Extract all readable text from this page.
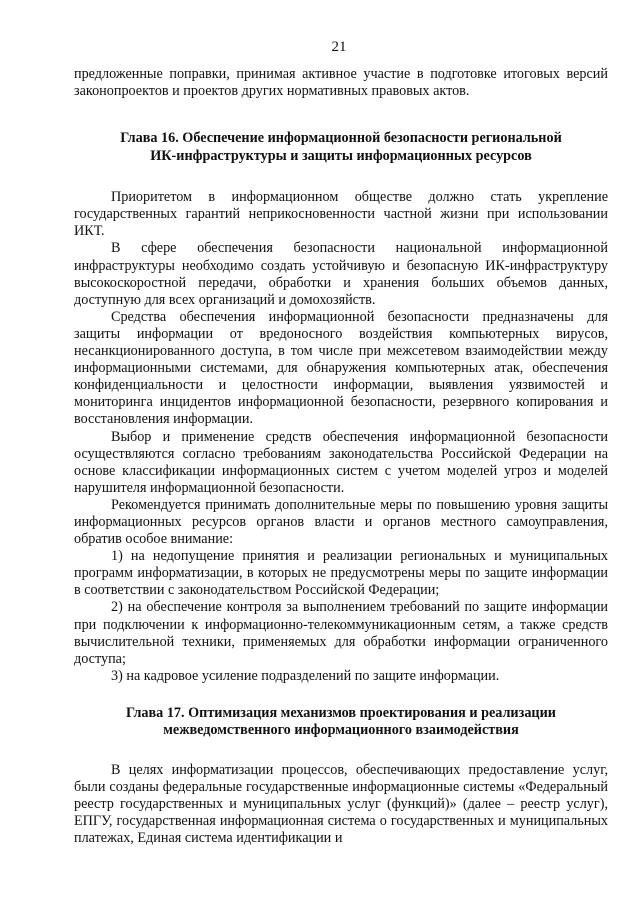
21

предложенные поправки, принимая активное участие в подготовке итоговых версий законопроектов и проектов других нормативных правовых актов.

Глава 16. Обеспечение информационной безопасности региональной
ИК-инфраструктуры и защиты информационных ресурсов

Приоритетом в информационном обществе должно стать укрепление государственных гарантий неприкосновенности частной жизни при использовании ИКТ.

В сфере обеспечения безопасности национальной информационной инфраструктуры необходимо создать устойчивую и безопасную ИК-инфраструктуру высокоскоростной передачи, обработки и хранения больших объемов данных, доступную для всех организаций и домохозяйств.

Средства обеспечения информационной безопасности предназначены для защиты информации от вредоносного воздействия компьютерных вирусов, несанкционированного доступа, в том числе при межсетевом взаимодействии между информационными системами, для обнаружения компьютерных атак, обеспечения конфиденциальности и целостности информации, выявления уязвимостей и мониторинга инцидентов информационной безопасности, резервного копирования и восстановления информации.

Выбор и применение средств обеспечения информационной безопасности осуществляются согласно требованиям законодательства Российской Федерации на основе классификации информационных систем с учетом моделей угроз и моделей нарушителя информационной безопасности.

Рекомендуется принимать дополнительные меры по повышению уровня защиты информационных ресурсов органов власти и органов местного самоуправления, обратив особое внимание:

1) на недопущение принятия и реализации региональных и муниципальных программ информатизации, в которых не предусмотрены меры по защите информации в соответствии с законодательством Российской Федерации;

2) на обеспечение контроля за выполнением требований по защите информации при подключении к информационно-телекоммуникационным сетям, а также средств вычислительной техники, применяемых для обработки информации ограниченного доступа;

3) на кадровое усиление подразделений по защите информации.

Глава 17. Оптимизация механизмов проектирования и реализации
межведомственного информационного взаимодействия

В целях информатизации процессов, обеспечивающих предоставление услуг, были созданы федеральные государственные информационные системы «Федеральный реестр государственных и муниципальных услуг (функций)» (далее – реестр услуг), ЕПГУ, государственная информационная система о государственных и муниципальных платежах, Единая система идентификации и
